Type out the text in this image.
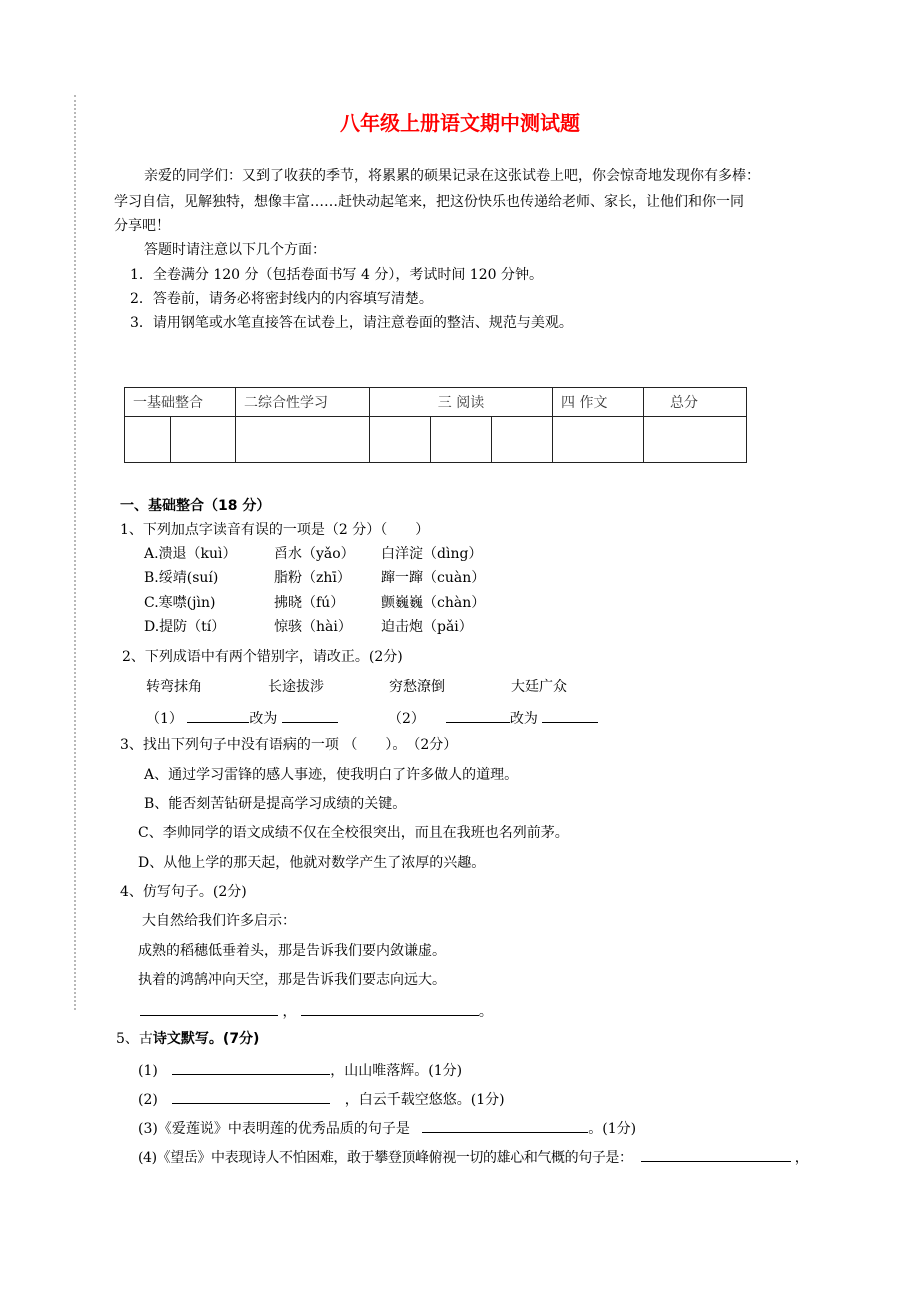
八年级上册语文期中测试题
亲爱的同学们：又到了收获的季节，将累累的硕果记录在这张试卷上吧，你会惊奇地发现你有多棒：
学习自信，见解独特，想像丰富……赶快动起笔来，把这份快乐也传递给老师、家长，让他们和你一同
分享吧！
答题时请注意以下几个方面：
1．全卷满分 120 分（包括卷面书写 4 分），考试时间 120 分钟。
2．答卷前，请务必将密封线内的内容填写清楚。
3．请用钢笔或水笔直接答在试卷上，请注意卷面的整洁、规范与美观。
一基础整合		二综合性学习	三 阅读			四 作文	总分

一、基础整合（18 分）
1、下列加点字读音有误的一项是（2 分）（　　）
A.溃退（kuì）	舀水（yǎo） 白洋淀（dìng）
B.绥靖(suí)	脂粉（zhī） 蹿一蹿（cuàn）
C.寒噤(jìn)	拂晓（fú）	颤巍巍（chàn）
D.提防（tí）	惊骇（hài） 迫击炮（pǎi）
2、下列成语中有两个错别字，请改正。(2分)
转弯抹角	长途拔涉	穷愁潦倒	大廷广众
（1）	改为	（2）	改为
3、找出下列句子中没有语病的一项 （　　）。　（2分）
A、通过学习雷锋的感人事迹，使我明白了许多做人的道理。
B、能否刻苦钻研是提高学习成绩的关键。
C、李帅同学的语文成绩不仅在全校很突出，而且在我班也名列前茅。
D、从他上学的那天起，他就对数学产生了浓厚的兴趣。
4、仿写句子。(2分)
大自然给我们许多启示：
成熟的稻穗低垂着头，那是告诉我们要内敛谦虚。
执着的鸿鹄冲向天空，那是告诉我们要志向远大。
，	。
5、古诗文默写。(7分)
(1)	，山山唯落辉。(1分)
(2)	，白云千载空悠悠。(1分)
(3)《爱莲说》中表明莲的优秀品质的句子是	。(1分)
(4)《望岳》中表现诗人不怕困难，敢于攀登顶峰俯视一切的雄心和气概的句子是：	，
